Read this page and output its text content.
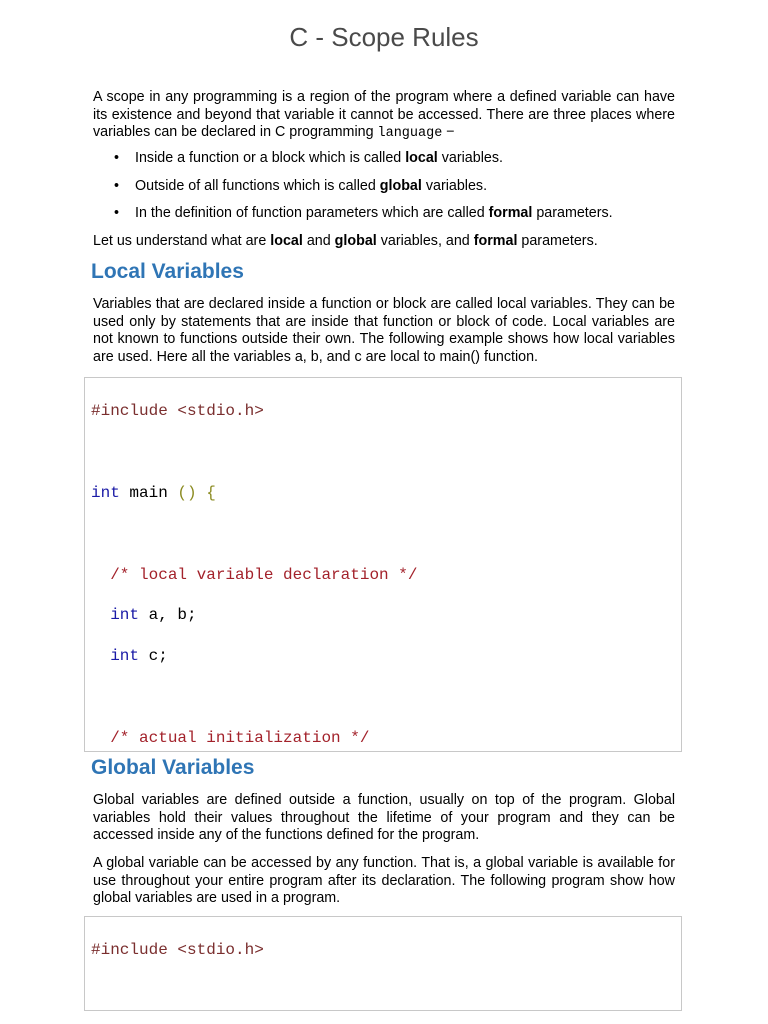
C - Scope Rules

A scope in any programming is a region of the program where a defined variable can have its existence and beyond that variable it cannot be accessed. There are three places where variables can be declared in C programming language −

• Inside a function or a block which is called local variables.
• Outside of all functions which is called global variables.
• In the definition of function parameters which are called formal parameters.

Let us understand what are local and global variables, and formal parameters.

Local Variables

Variables that are declared inside a function or block are called local variables. They can be used only by statements that are inside that function or block of code. Local variables are not known to functions outside their own. The following example shows how local variables are used. Here all the variables a, b, and c are local to main() function.

#include <stdio.h>

int main () {

/* local variable declaration */

int a, b;

int c;

/* actual initialization */

Global Variables

Global variables are defined outside a function, usually on top of the program. Global variables hold their values throughout the lifetime of your program and they can be accessed inside any of the functions defined for the program.

A global variable can be accessed by any function. That is, a global variable is available for use throughout your entire program after its declaration. The following program show how global variables are used in a program.

#include <stdio.h>
